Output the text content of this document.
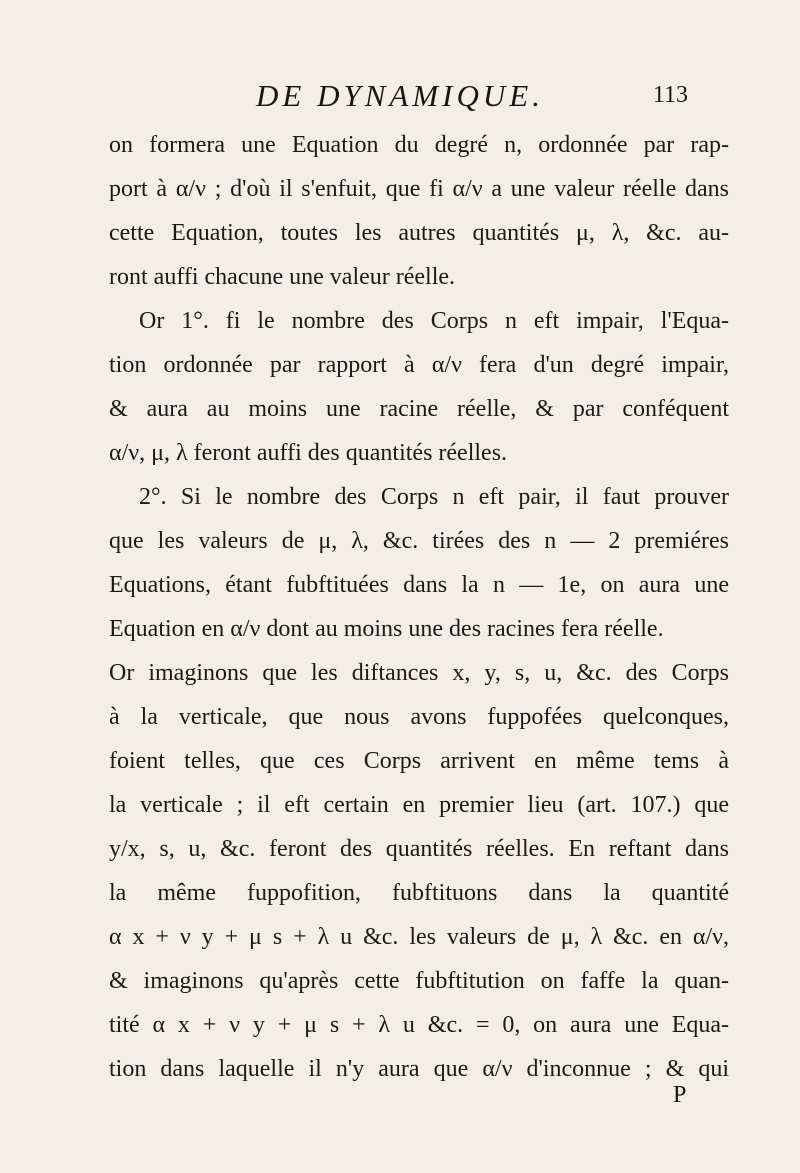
DE DYNAMIQUE.	113
on formera une Equation du degré n, ordonnée par rap-
port à α/ν ; d'où il s'enfuit, que fi α/ν a une valeur réelle dans
cette Equation, toutes les autres quantités μ, λ, &c. au-
ront auffi chacune une valeur réelle.
Or 1°. fi le nombre des Corps n eft impair, l'Equa-
tion ordonnée par rapport à α/ν fera d'un degré impair,
& aura au moins une racine réelle, & par conféquent
α/ν, μ, λ feront auffi des quantités réelles.
2°. Si le nombre des Corps n eft pair, il faut prouver
que les valeurs de μ, λ, &c. tirées des n — 2 premiéres
Equations, étant fubftituées dans la n — 1e, on aura une
Equation en α/ν dont au moins une des racines fera réelle.
Or imaginons que les diftances x, y, s, u, &c. des Corps
à la verticale, que nous avons fuppofées quelconques,
foient telles, que ces Corps arrivent en même tems à
la verticale ; il eft certain en premier lieu (art. 107.) que
y/x, s, u, &c. feront des quantités réelles. En reftant dans
la même fuppofition, fubftituons dans la quantité
α x + ν y + μ s + λ u &c. les valeurs de μ, λ &c. en α/ν,
& imaginons qu'après cette fubftitution on faffe la quan-
tité α x + ν y + μ s + λ u &c. = 0, on aura une Equa-
tion dans laquelle il n'y aura que α/ν d'inconnue ; & qui
P
